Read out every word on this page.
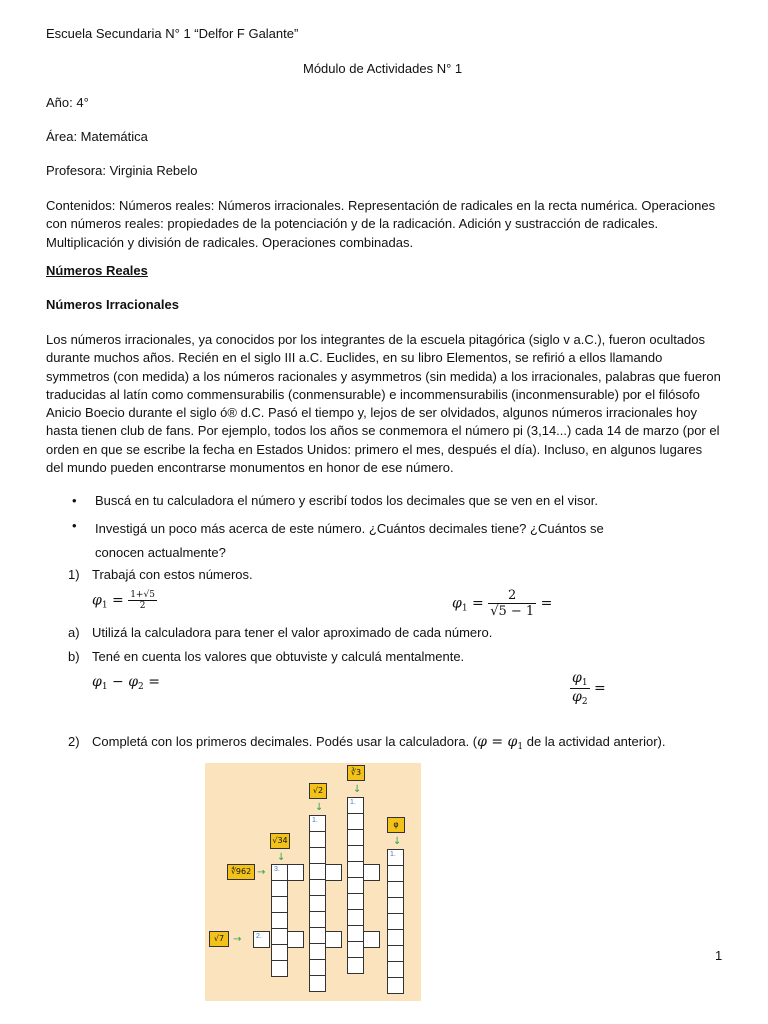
Escuela Secundaria N° 1 “Delfor F Galante”
Módulo de Actividades N° 1
Año: 4°
Área: Matemática
Profesora: Virginia Rebelo
Contenidos: Números reales: Números irracionales. Representación de radicales en la recta numérica. Operaciones con números reales: propiedades de la potenciación y de la radicación. Adición y sustracción de radicales. Multiplicación y división de radicales. Operaciones combinadas.
Números Reales
Números Irracionales
Los números irracionales, ya conocidos por los integrantes de la escuela pitagórica (siglo v a.C.), fueron ocultados durante muchos años. Recién en el siglo III a.C. Euclides, en su libro Elementos, se refirió a ellos llamando symmetros (con medida) a los números racionales y asymmetros (sin medida) a los irracionales, palabras que fueron traducidas al latín como commensurabilis (conmensurable) e incommensurabilis (inconmensurable) por el filósofo Anicio Boecio durante el siglo ó® d.C. Pasó el tiempo y, lejos de ser olvidados, algunos números irracionales hoy hasta tienen club de fans. Por ejemplo, todos los años se conmemora el número pi (3,14...) cada 14 de marzo (por el orden en que se escribe la fecha en Estados Unidos: primero el mes, después el día). Incluso, en algunos lugares del mundo pueden encontrarse monumentos en honor de ese número.
• Buscá en tu calculadora el número y escribí todos los decimales que se ven en el visor.
• Investigá un poco más acerca de este número. ¿Cuántos decimales tiene? ¿Cuántos se conocen actualmente?
1) Trabajá con estos números.
$\varphi_1 = \frac{1+√5}{2}$	$\varphi_1 = \frac{2}{√5 - 1}$ =
a) Utilizá la calculadora para tener el valor aproximado de cada número.
b) Tené en cuenta los valores que obtuviste y calculá mentalmente.
$\varphi_1 - \varphi_2$ =	$\frac{\varphi_1}{\varphi_2}$ =
2) Completá con los primeros decimales. Podés usar la calculadora. ($\varphi = \varphi_1$ de la actividad anterior).
∛3
↓
√2
↓
φ
↓
√34
↓
∜962 →
√7 →
1.
1.
1.
3.
2.
1
